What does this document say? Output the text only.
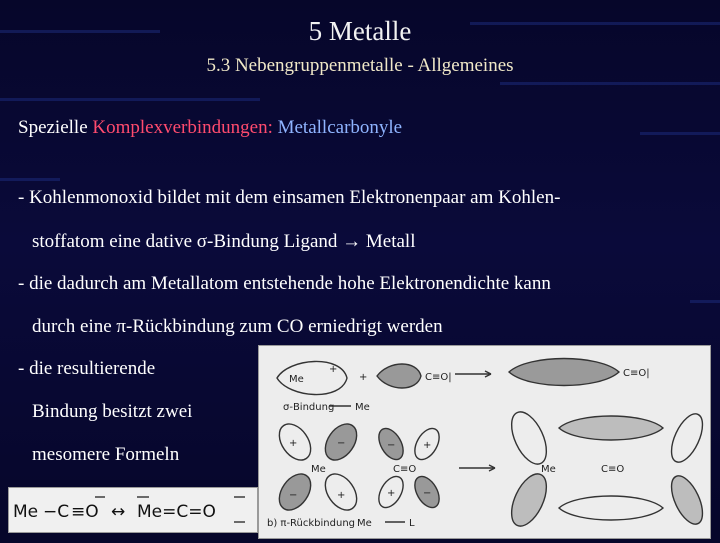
5 Metalle
5.3 Nebengruppenmetalle - Allgemeines
Spezielle Komplexverbindungen: Metallcarbonyle
- Kohlenmonoxid bildet mit dem einsamen Elektronenpaar am Kohlen-
stoffatom eine dative σ-Bindung Ligand → Metall
- die dadurch am Metallatom entstehende hohe Elektronendichte kann
durch eine π-Rückbindung zum CO erniedrigt werden
- die resultierende
Bindung besitzt zwei
mesomere Formeln
Me
+
+	C≡O|	C≡O|
σ-Bindung Me
Me	C≡O	C≡O
Me
b) π-Rückbindung Me	L
+	−
−	+
−	+
+	−
Me −C ≡O ↔ Me=C=O
